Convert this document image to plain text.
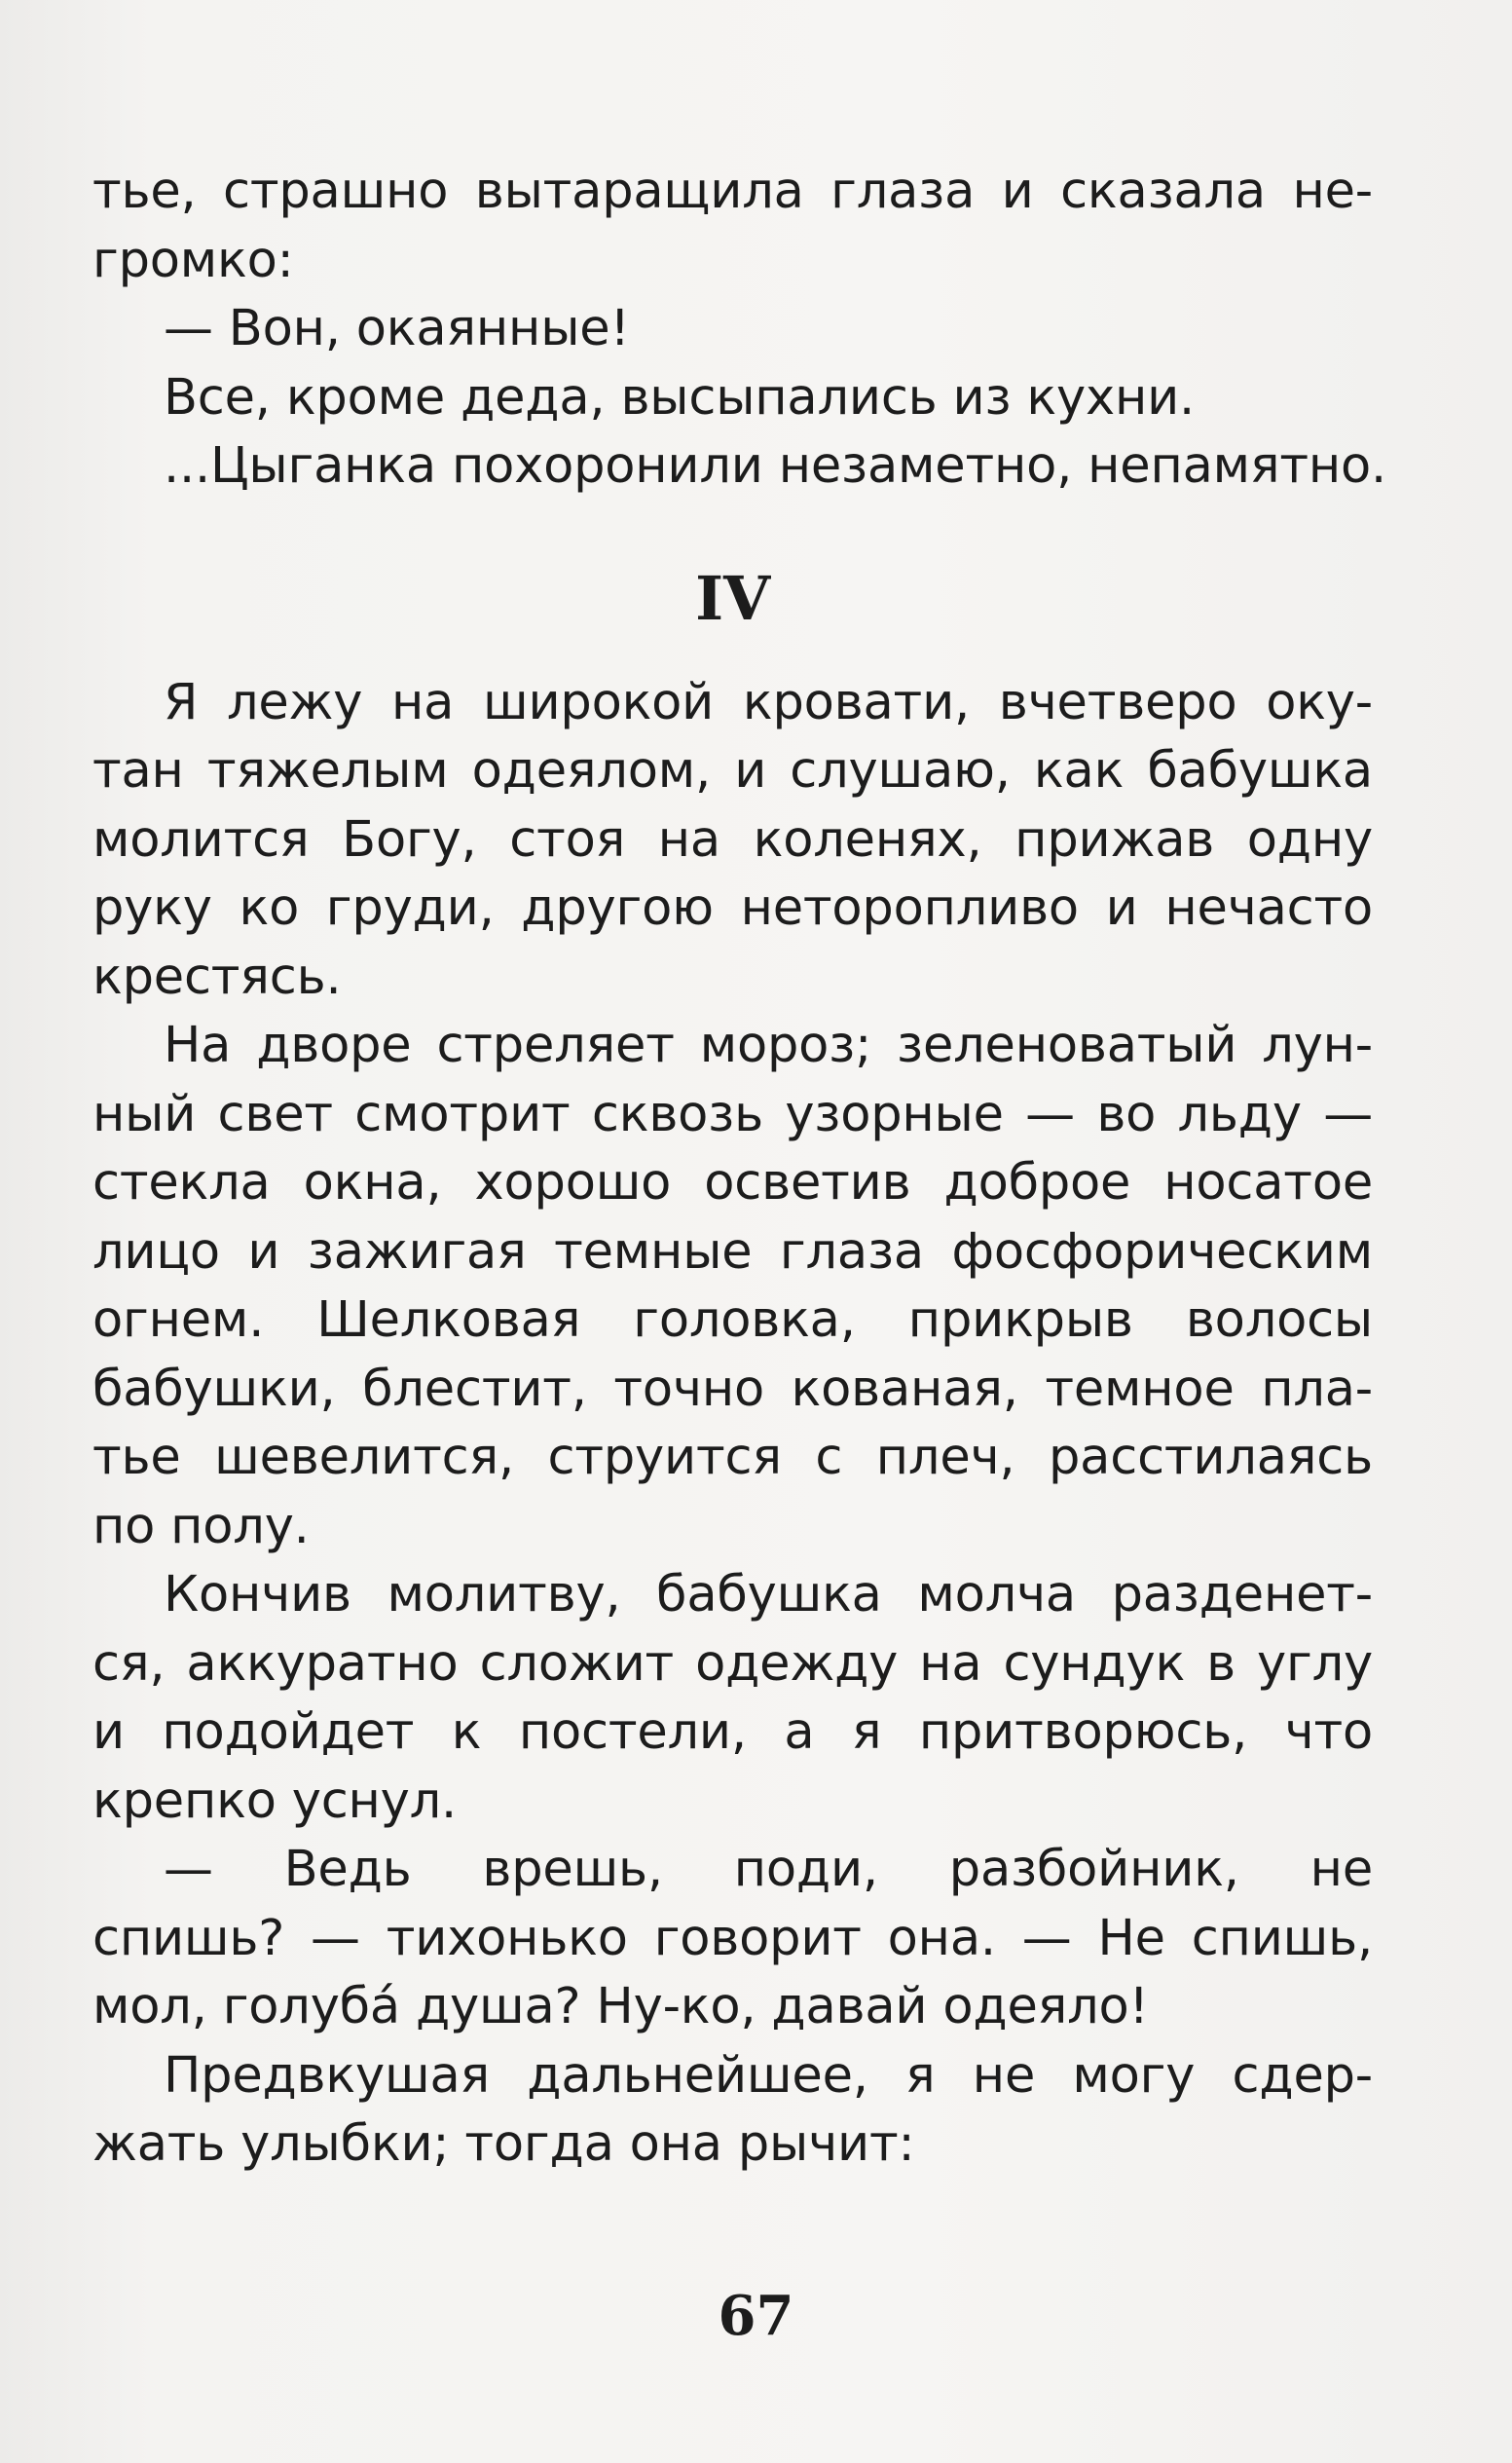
тье, страшно вытаращила глаза и сказала не-
громко:
— Вон, окаянные!
Все, кроме деда, высыпались из кухни.
...Цыганка похоронили незаметно, непамятно.
IV
Я лежу на широкой кровати, вчетверо оку-
тан тяжелым одеялом, и слушаю, как бабушка
молится Богу, стоя на коленях, прижав одну
руку ко груди, другою неторопливо и нечасто
крестясь.
На дворе стреляет мороз; зеленоватый лун-
ный свет смотрит сквозь узорные — во льду —
стекла окна, хорошо осветив доброе носатое
лицо и зажигая темные глаза фосфорическим
огнем. Шелковая головка, прикрыв волосы
бабушки, блестит, точно кованая, темное пла-
тье шевелится, струится с плеч, расстилаясь
по полу.
Кончив молитву, бабушка молча разденет-
ся, аккуратно сложит одежду на сундук в углу
и подойдет к постели, а я притворюсь, что
крепко уснул.
— Ведь врешь, поди, разбойник, не
спишь? — тихонько говорит она. — Не спишь,
мол, голуба́ душа? Ну-ко, давай одеяло!
Предвкушая дальнейшее, я не могу сдер-
жать улыбки; тогда она рычит:
67
